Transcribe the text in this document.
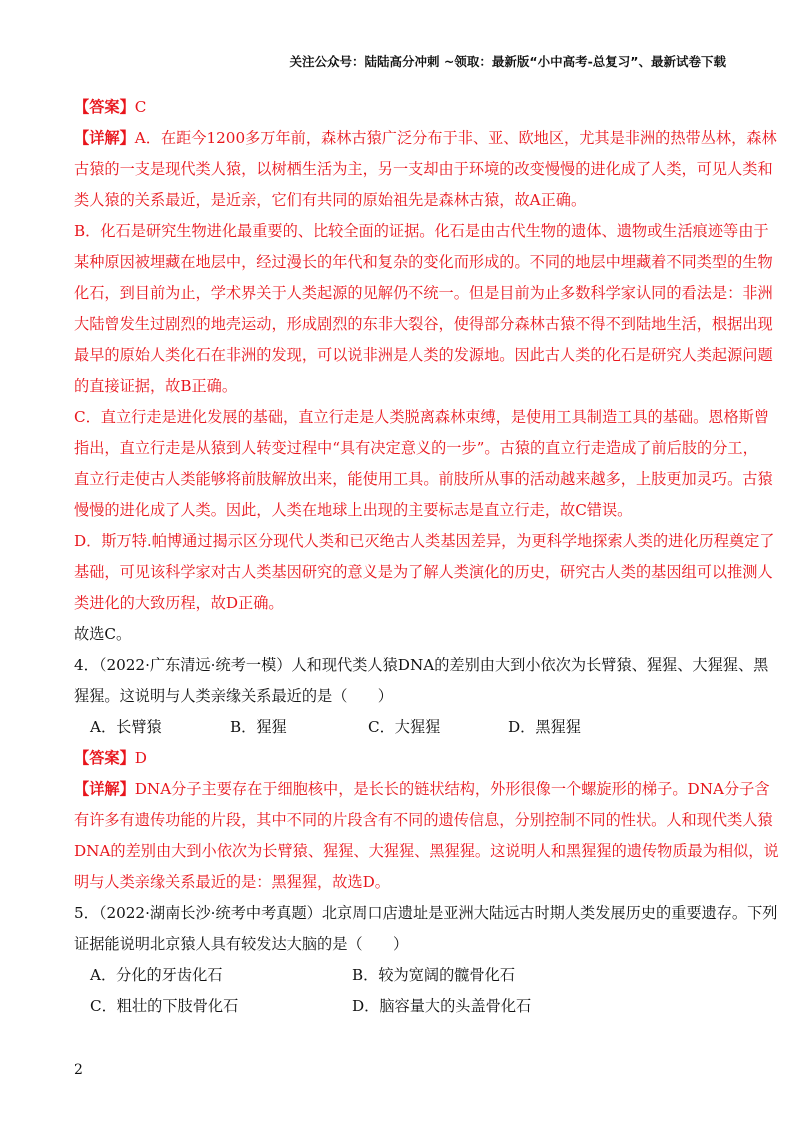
关注公众号：陆陆高分冲刺 ~领取：最新版“小中高考-总复习”、最新试卷下载
【答案】C
【详解】A．在距今1200多万年前，森林古猿广泛分布于非、亚、欧地区，尤其是非洲的热带丛林，森林
古猿的一支是现代类人猿，以树栖生活为主，另一支却由于环境的改变慢慢的进化成了人类，可见人类和
类人猿的关系最近，是近亲，它们有共同的原始祖先是森林古猿，故A正确。
B．化石是研究生物进化最重要的、比较全面的证据。化石是由古代生物的遗体、遗物或生活痕迹等由于
某种原因被埋藏在地层中，经过漫长的年代和复杂的变化而形成的。不同的地层中埋藏着不同类型的生物
化石，到目前为止，学术界关于人类起源的见解仍不统一。但是目前为止多数科学家认同的看法是：非洲
大陆曾发生过剧烈的地壳运动，形成剧烈的东非大裂谷，使得部分森林古猿不得不到陆地生活，根据出现
最早的原始人类化石在非洲的发现，可以说非洲是人类的发源地。因此古人类的化石是研究人类起源问题
的直接证据，故B正确。
C．直立行走是进化发展的基础，直立行走是人类脱离森林束缚，是使用工具制造工具的基础。恩格斯曾
指出，直立行走是从猿到人转变过程中“具有决定意义的一步”。古猿的直立行走造成了前后肢的分工，
直立行走使古人类能够将前肢解放出来，能使用工具。前肢所从事的活动越来越多，上肢更加灵巧。古猿
慢慢的进化成了人类。因此，人类在地球上出现的主要标志是直立行走，故C错误。
D．斯万特.帕博通过揭示区分现代人类和已灭绝古人类基因差异，为更科学地探索人类的进化历程奠定了
基础，可见该科学家对古人类基因研究的意义是为了解人类演化的历史，研究古人类的基因组可以推测人
类进化的大致历程，故D正确。
故选C。
4．（2022·广东清远·统考一模）人和现代类人猿DNA的差别由大到小依次为长臂猿、猩猩、大猩猩、黑
猩猩。这说明与人类亲缘关系最近的是（　　）
A．长臂猿	B．猩猩	C．大猩猩	D．黑猩猩
【答案】D
【详解】DNA分子主要存在于细胞核中，是长长的链状结构，外形很像一个螺旋形的梯子。DNA分子含
有许多有遗传功能的片段，其中不同的片段含有不同的遗传信息，分别控制不同的性状。人和现代类人猿
DNA的差别由大到小依次为长臂猿、猩猩、大猩猩、黑猩猩。这说明人和黑猩猩的遗传物质最为相似，说
明与人类亲缘关系最近的是：黑猩猩，故选D。
5．（2022·湖南长沙·统考中考真题）北京周口店遗址是亚洲大陆远古时期人类发展历史的重要遗存。下列
证据能说明北京猿人具有较发达大脑的是（　　）
A．分化的牙齿化石	B．较为宽阔的髋骨化石
C．粗壮的下肢骨化石	D．脑容量大的头盖骨化石
2
